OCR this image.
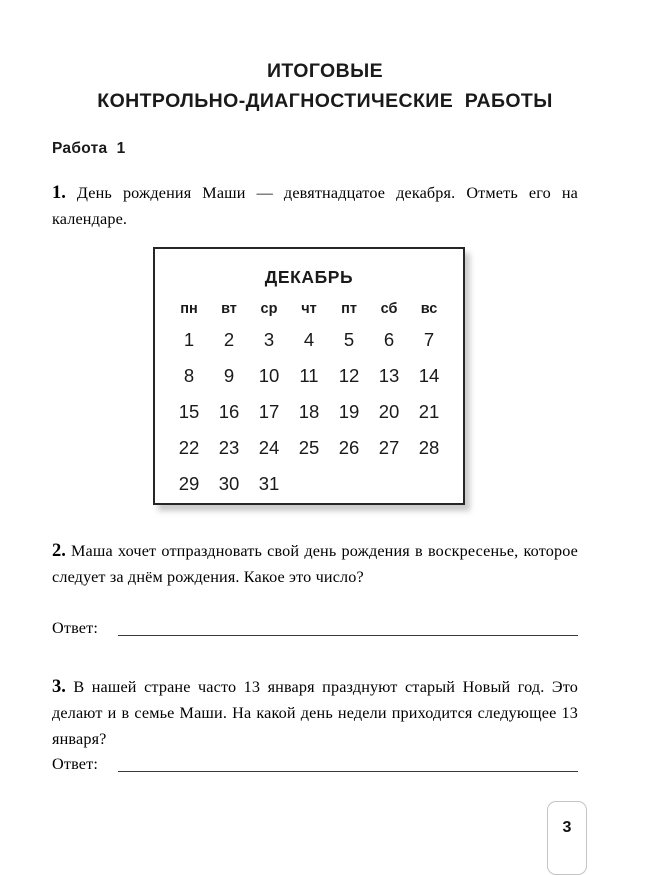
ИТОГОВЫЕ
КОНТРОЛЬНО-ДИАГНОСТИЧЕСКИЕ  РАБОТЫ
Работа  1
1. День рождения Маши — девятнадцатое декабря. Отметь его на календаре.
ДЕКАБРЬ
пн	вт	ср	чт	пт	сб	вс
1	2	3	4	5	6	7
8	9	10	11	12	13	14
15	16	17	18	19	20	21
22	23	24	25	26	27	28
29	30	31
2. Маша хочет отпраздновать свой день рождения в воскресенье, которое следует за днём рождения. Какое это число?
Ответ:
3. В нашей стране часто 13 января празднуют старый Новый год. Это делают и в семье Маши. На какой день недели приходится следующее 13 января?
Ответ:
3
